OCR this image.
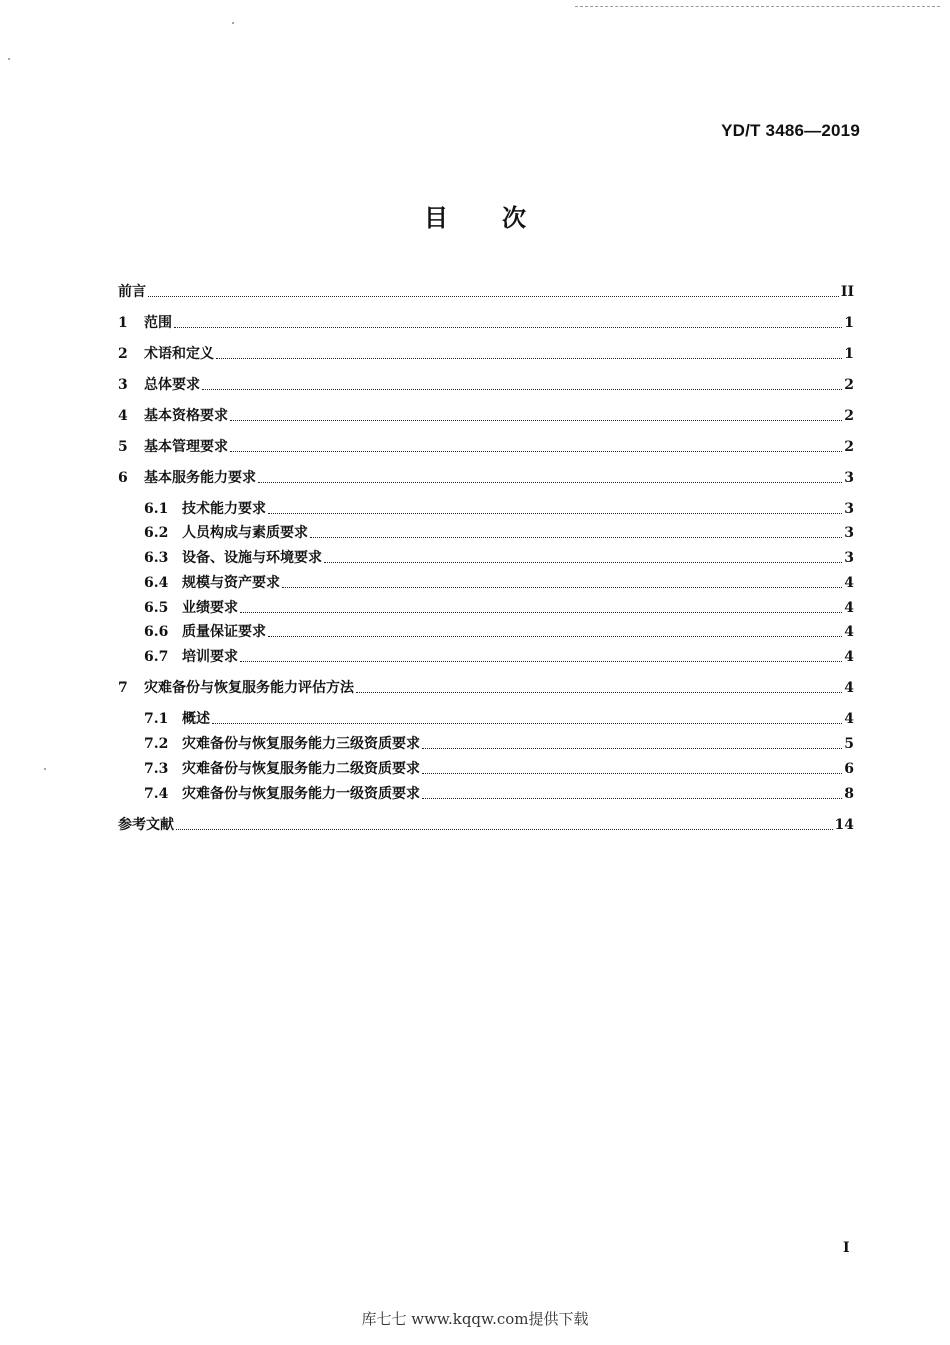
YD/T 3486—2019
目 次
前言	II
1	范围	1
2	术语和定义	1
3	总体要求	2
4	基本资格要求	2
5	基本管理要求	2
6	基本服务能力要求	3
6.1 技术能力要求	3
6.2 人员构成与素质要求	3
6.3 设备、设施与环境要求	3
6.4 规模与资产要求	4
6.5 业绩要求	4
6.6 质量保证要求	4
6.7 培训要求	4
7	灾难备份与恢复服务能力评估方法	4
7.1 概述	4
7.2 灾难备份与恢复服务能力三级资质要求	5
7.3 灾难备份与恢复服务能力二级资质要求	6
7.4 灾难备份与恢复服务能力一级资质要求	8
参考文献	14
I
库七七 www.kqqw.com提供下载
